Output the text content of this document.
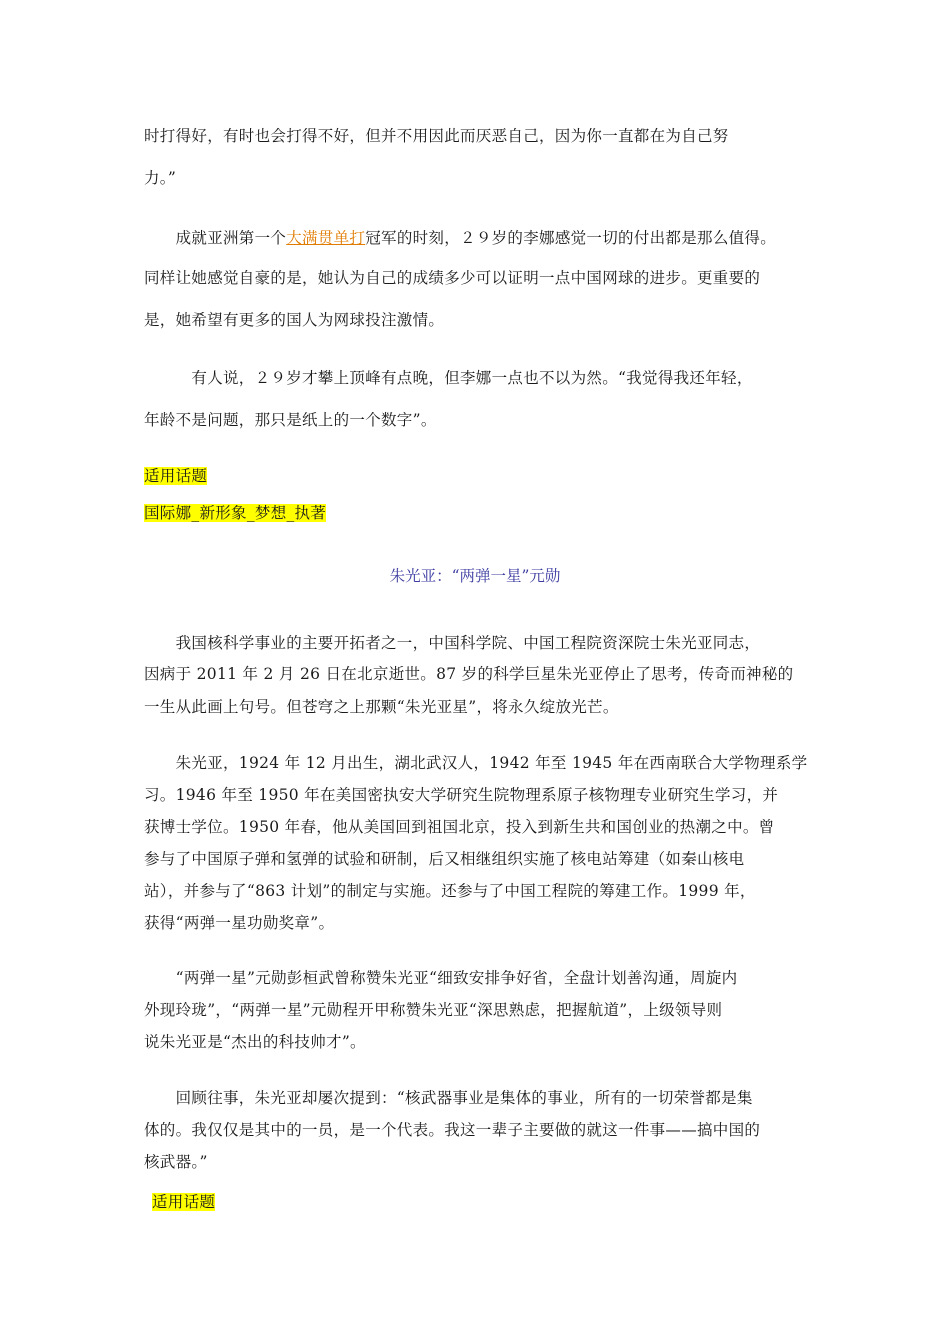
时打得好，有时也会打得不好，但并不用因此而厌恶自己，因为你一直都在为自己努

力。”

　　成就亚洲第一个大满贯单打冠军的时刻，２９岁的李娜感觉一切的付出都是那么值得。

同样让她感觉自豪的是，她认为自己的成绩多少可以证明一点中国网球的进步。更重要的

是，她希望有更多的国人为网球投注激情。

　　　有人说，２９岁才攀上顶峰有点晚，但李娜一点也不以为然。“我觉得我还年轻，

年龄不是问题，那只是纸上的一个数字”。

适用话题

国际娜_新形象_梦想_执著

朱光亚：“两弹一星”元勋

　　我国核科学事业的主要开拓者之一，中国科学院、中国工程院资深院士朱光亚同志，

因病于 2011 年 2 月 26 日在北京逝世。87 岁的科学巨星朱光亚停止了思考，传奇而神秘的

一生从此画上句号。但苍穹之上那颗“朱光亚星”，将永久绽放光芒。

　　朱光亚，1924 年 12 月出生，湖北武汉人，1942 年至 1945 年在西南联合大学物理系学

习。1946 年至 1950 年在美国密执安大学研究生院物理系原子核物理专业研究生学习，并

获博士学位。1950 年春，他从美国回到祖国北京，投入到新生共和国创业的热潮之中。曾

参与了中国原子弹和氢弹的试验和研制，后又相继组织实施了核电站筹建（如秦山核电

站），并参与了“863 计划”的制定与实施。还参与了中国工程院的筹建工作。1999 年，

获得“两弹一星功勋奖章”。

　　“两弹一星”元勋彭桓武曾称赞朱光亚“细致安排争好省，全盘计划善沟通，周旋内

外现玲珑”，“两弹一星”元勋程开甲称赞朱光亚“深思熟虑，把握航道”，上级领导则

说朱光亚是“杰出的科技帅才”。

　　回顾往事，朱光亚却屡次提到：“核武器事业是集体的事业，所有的一切荣誉都是集

体的。我仅仅是其中的一员，是一个代表。我这一辈子主要做的就这一件事——搞中国的

核武器。”

适用话题
